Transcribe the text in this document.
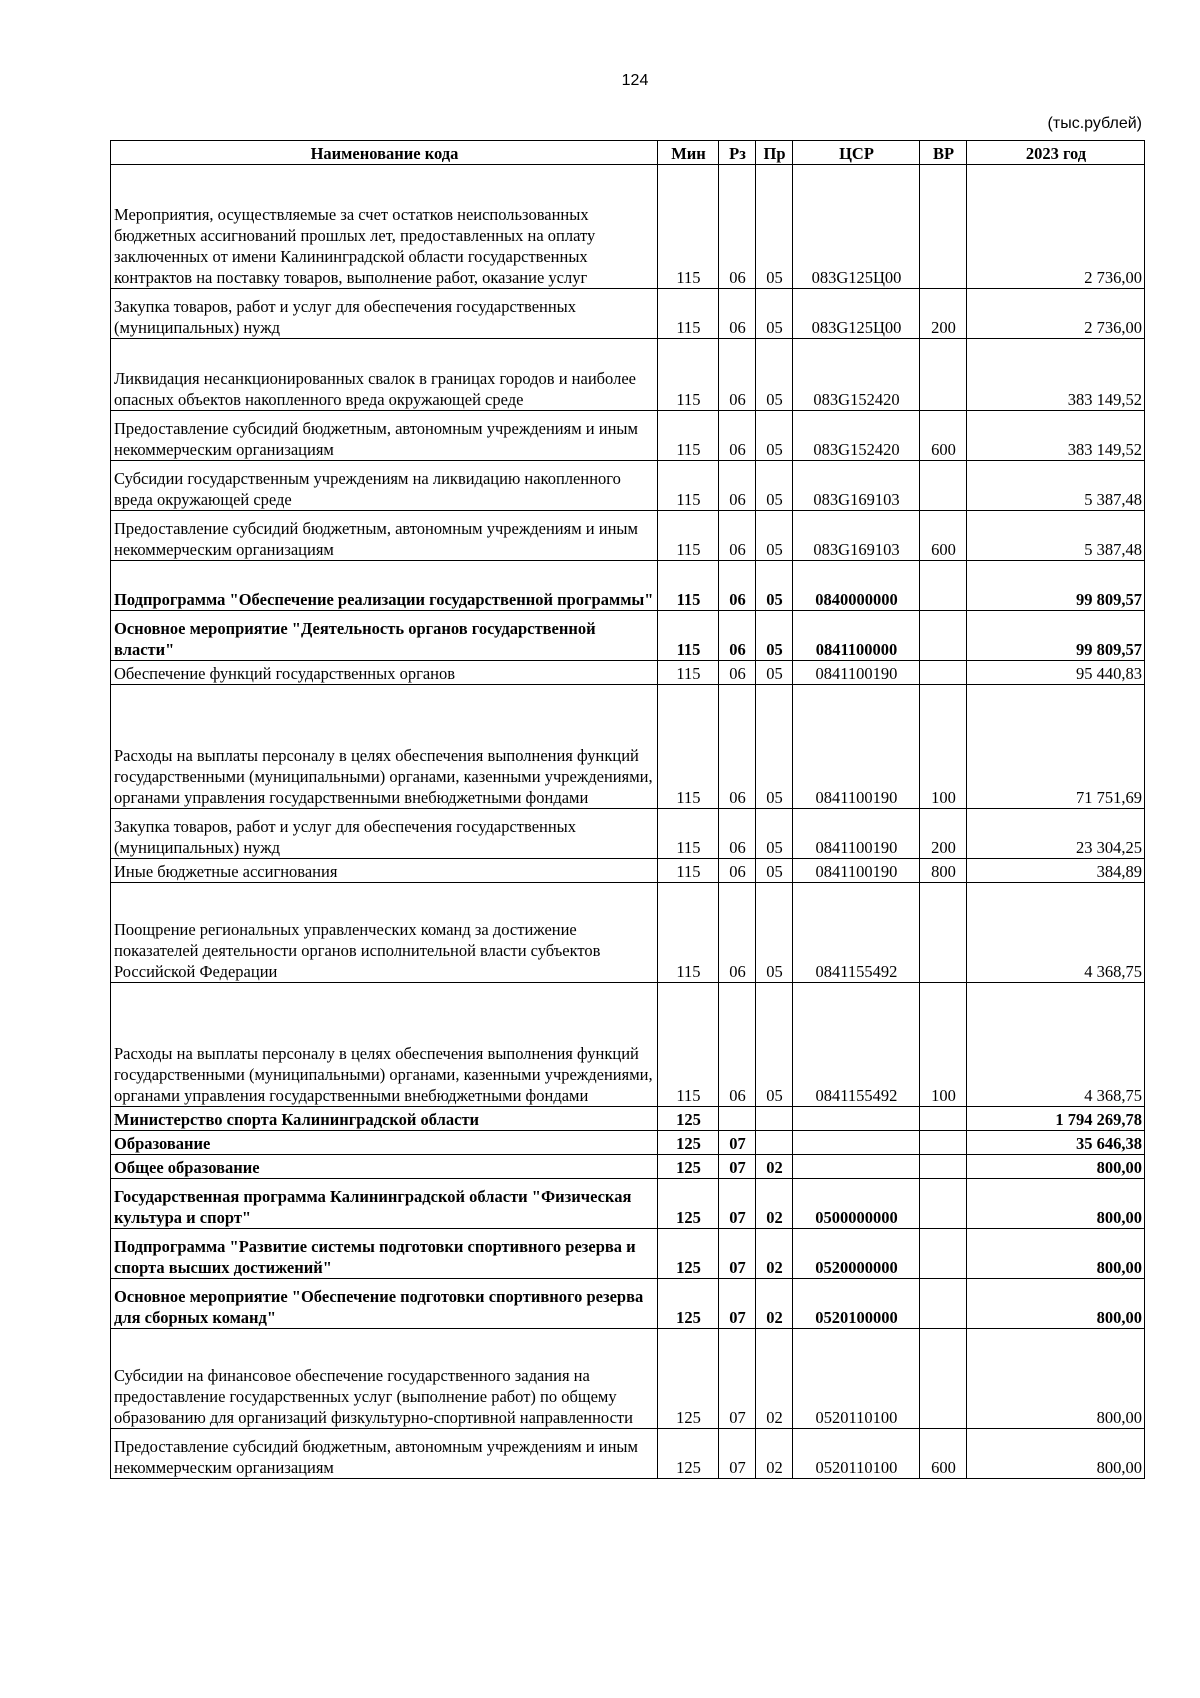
124
(тыс.рублей)
Наименование кода	Мин	Рз	Пр	ЦСР	ВР	2023 год
Мероприятия, осуществляемые за счет остатков неиспользованных бюджетных ассигнований прошлых лет, предоставленных на оплату заключенных от имени Калининградской области государственных контрактов на поставку товаров, выполнение работ, оказание услуг	115	06	05	083G125Ц00		2 736,00
Закупка товаров, работ и услуг для обеспечения государственных (муниципальных) нужд	115	06	05	083G125Ц00	200	2 736,00
Ликвидация несанкционированных свалок в границах городов и наиболее опасных объектов накопленного вреда окружающей среде	115	06	05	083G152420		383 149,52
Предоставление субсидий бюджетным, автономным учреждениям и иным некоммерческим организациям	115	06	05	083G152420	600	383 149,52
Субсидии государственным учреждениям на ликвидацию накопленного вреда окружающей среде	115	06	05	083G169103		5 387,48
Предоставление субсидий бюджетным, автономным учреждениям и иным некоммерческим организациям	115	06	05	083G169103	600	5 387,48
Подпрограмма "Обеспечение реализации государственной программы"	115	06	05	0840000000		99 809,57
Основное мероприятие "Деятельность органов государственной власти"	115	06	05	0841100000		99 809,57
Обеспечение функций государственных органов	115	06	05	0841100190		95 440,83
Расходы на выплаты персоналу в целях обеспечения выполнения функций государственными (муниципальными) органами, казенными учреждениями, органами управления государственными внебюджетными фондами	115	06	05	0841100190	100	71 751,69
Закупка товаров, работ и услуг для обеспечения государственных (муниципальных) нужд	115	06	05	0841100190	200	23 304,25
Иные бюджетные ассигнования	115	06	05	0841100190	800	384,89
Поощрение региональных управленческих команд за достижение показателей деятельности органов исполнительной власти субъектов Российской Федерации	115	06	05	0841155492		4 368,75
Расходы на выплаты персоналу в целях обеспечения выполнения функций государственными (муниципальными) органами, казенными учреждениями, органами управления государственными внебюджетными фондами	115	06	05	0841155492	100	4 368,75
Министерство спорта Калининградской области	125					1 794 269,78
Образование	125	07				35 646,38
Общее образование	125	07	02			800,00
Государственная программа Калининградской области "Физическая культура и спорт"	125	07	02	0500000000		800,00
Подпрограмма "Развитие системы подготовки спортивного резерва и спорта высших достижений"	125	07	02	0520000000		800,00
Основное мероприятие "Обеспечение подготовки спортивного резерва для сборных команд"	125	07	02	0520100000		800,00
Субсидии на финансовое обеспечение государственного задания на предоставление государственных услуг (выполнение работ) по общему образованию для организаций физкультурно-спортивной направленности	125	07	02	0520110100		800,00
Предоставление субсидий бюджетным, автономным учреждениям и иным некоммерческим организациям	125	07	02	0520110100	600	800,00
